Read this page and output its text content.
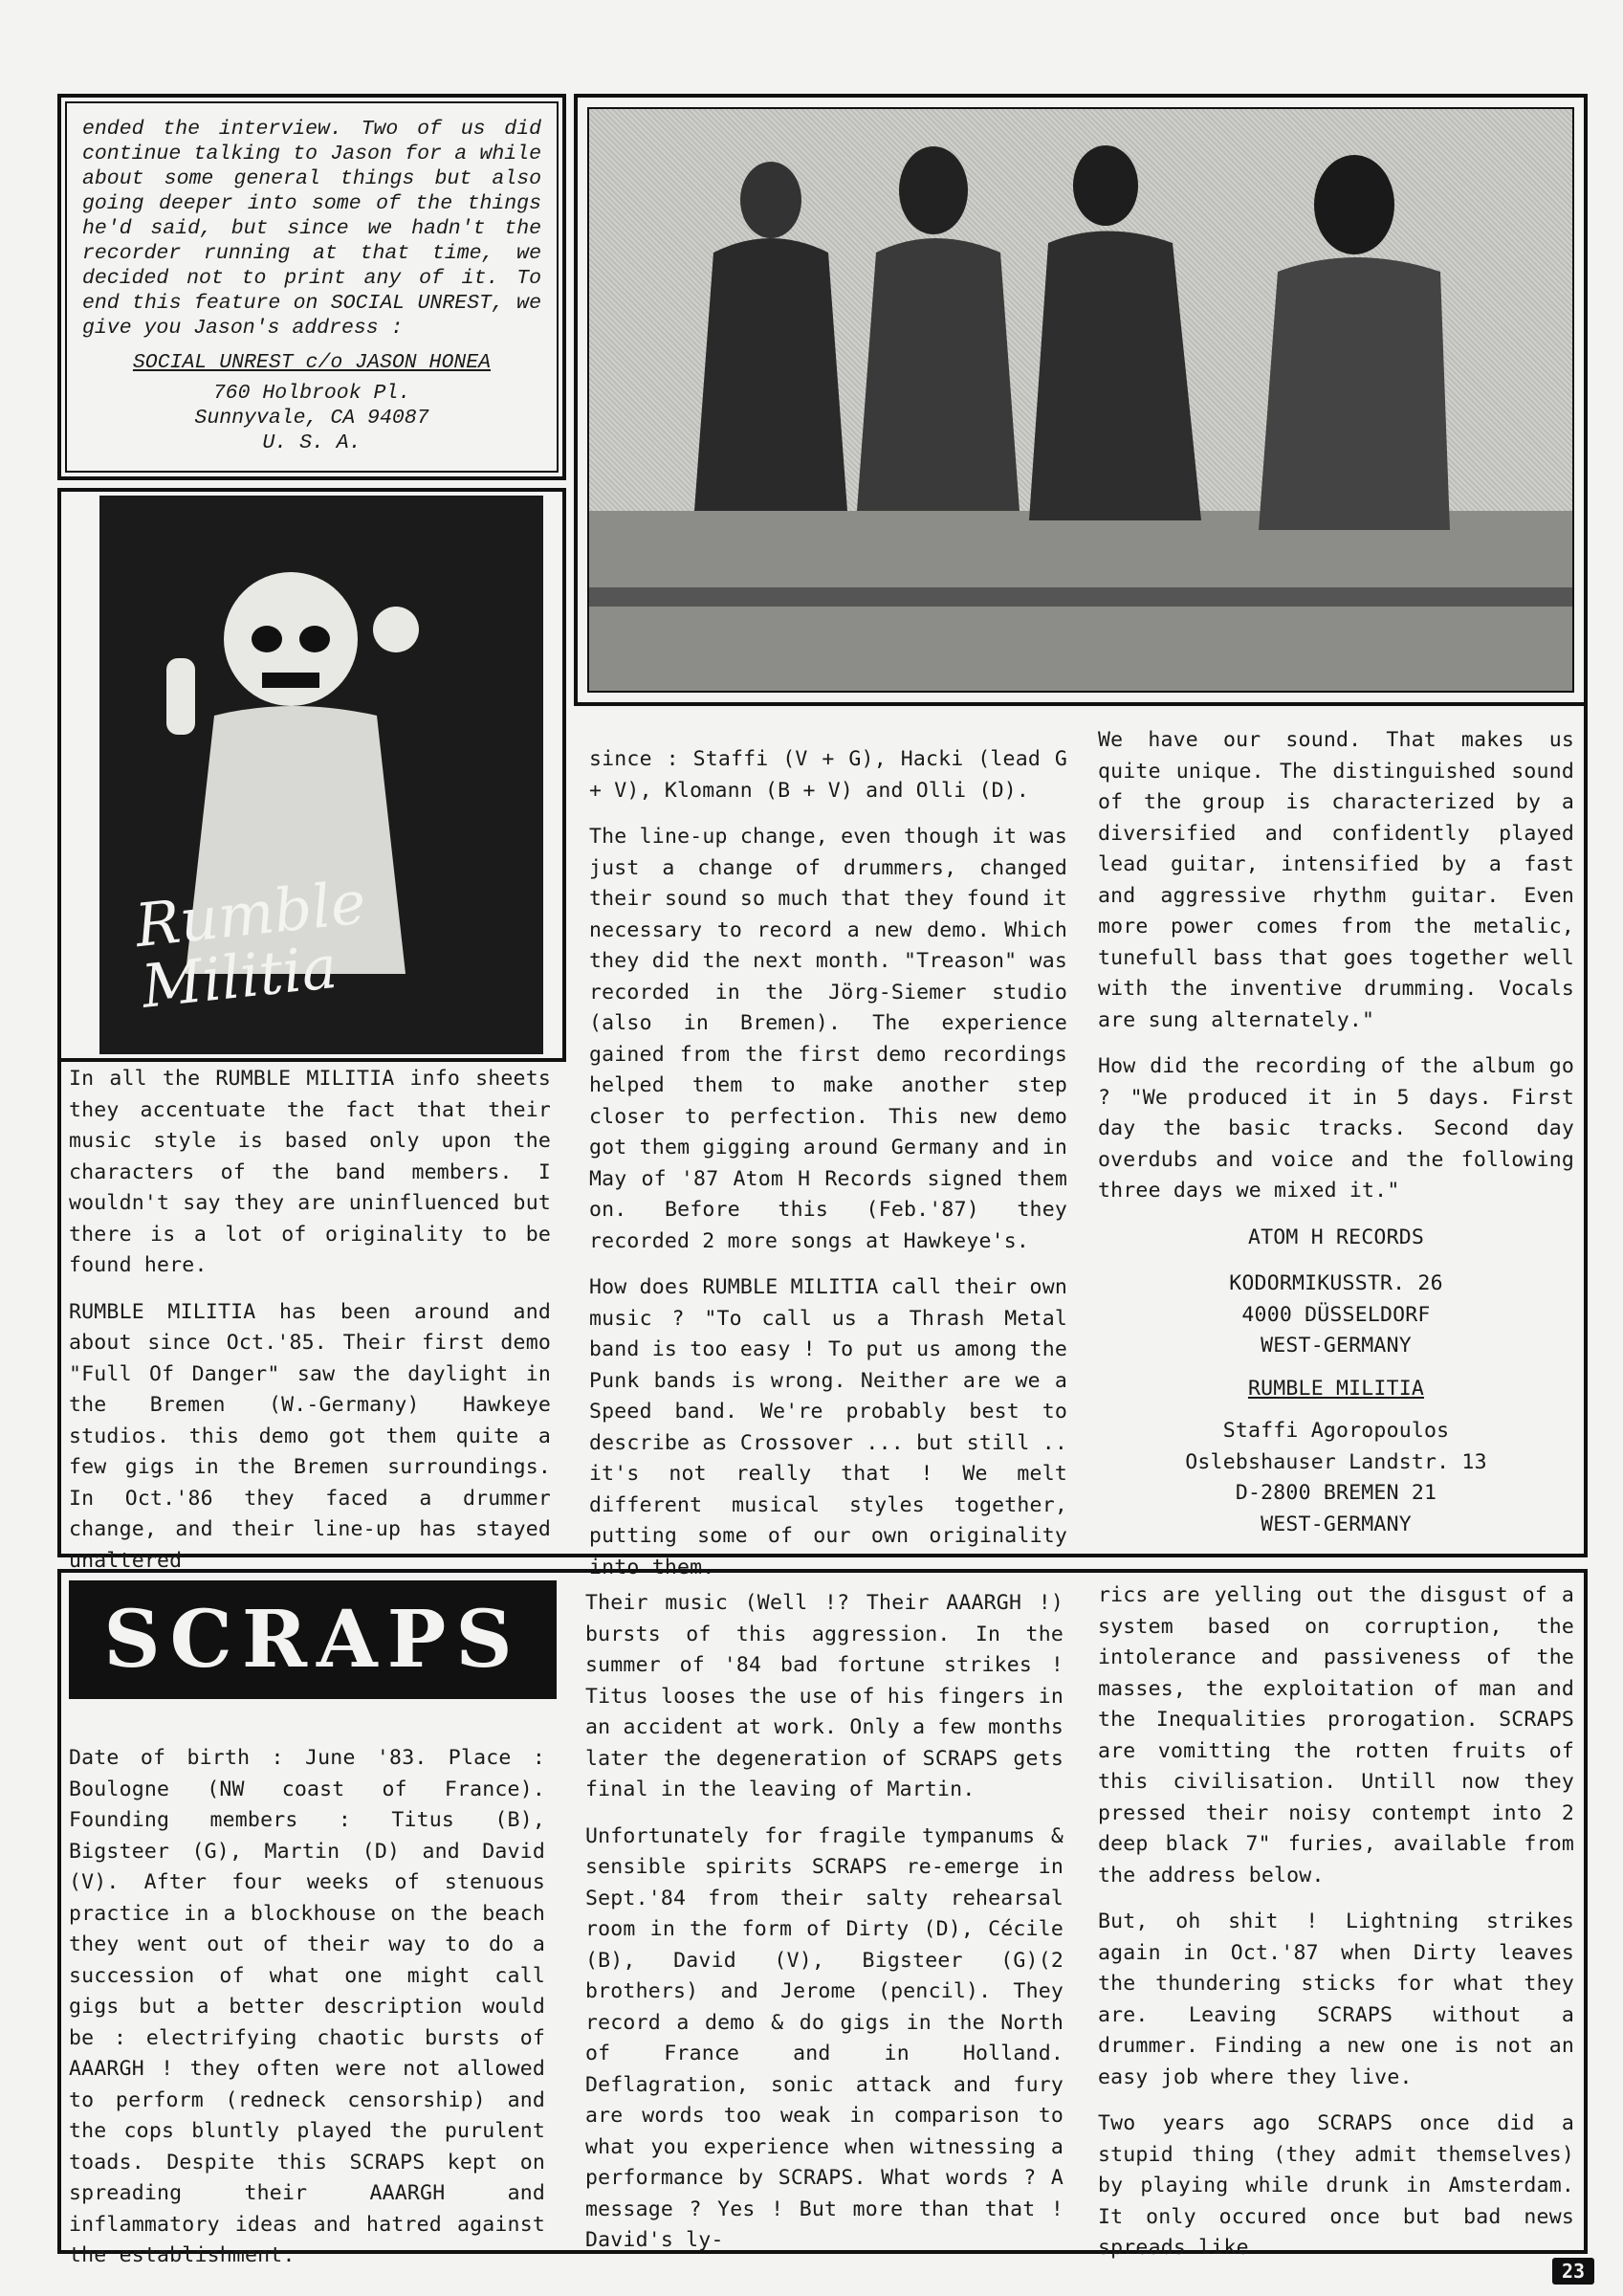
ended the interview. Two of us did continue talking to Jason for a while about some general things but also going deeper into some of the things he'd said, but since we hadn't the recorder running at that time, we decided not to print any of it. To end this feature on SOCIAL UNREST, we give you Jason's address :
SOCIAL UNREST c/o JASON HONEA
760 Holbrook Pl.
Sunnyvale, CA 94087
U. S. A.
Rumble Militia

In all the RUMBLE MILITIA info sheets they accentuate the fact that their music style is based only upon the characters of the band members. I wouldn't say they are uninfluenced but there is a lot of originality to be found here.

RUMBLE MILITIA has been around and about since Oct.'85. Their first demo "Full Of Danger" saw the daylight in the Bremen (W.-Germany) Hawkeye studios. this demo got them quite a few gigs in the Bremen surroundings. In Oct.'86 they faced a drummer change, and their line-up has stayed unaltered

since : Staffi (V + G), Hacki (lead G + V), Klomann (B + V) and Olli (D).

The line-up change, even though it was just a change of drummers, changed their sound so much that they found it necessary to record a new demo. Which they did the next month. "Treason" was recorded in the Jörg-Siemer studio (also in Bremen). The experience gained from the first demo recordings helped them to make another step closer to perfection. This new demo got them gigging around Germany and in May of '87 Atom H Records signed them on. Before this (Feb.'87) they recorded 2 more songs at Hawkeye's.

How does RUMBLE MILITIA call their own music ? "To call us a Thrash Metal band is too easy ! To put us among the Punk bands is wrong. Neither are we a Speed band. We're probably best to describe as Crossover ... but still .. it's not really that ! We melt different musical styles together, putting some of our own originality into them.

We have our sound. That makes us quite unique. The distinguished sound of the group is characterized by a diversified and confidently played lead guitar, intensified by a fast and aggressive rhythm guitar. Even more power comes from the metalic, tunefull bass that goes together well with the inventive drumming. Vocals are sung alternately."

How did the recording of the album go ? "We produced it in 5 days. First day the basic tracks. Second day overdubs and voice and the following three days we mixed it."

ATOM H RECORDS
KODORMIKUSSTR. 26
4000 DÜSSELDORF
WEST-GERMANY
RUMBLE MILITIA
Staffi Agoropoulos
Oslebshauser Landstr. 13
D-2800 BREMEN 21
WEST-GERMANY
SCRAPS

Date of birth : June '83. Place : Boulogne (NW coast of France). Founding members : Titus (B), Bigsteer (G), Martin (D) and David (V). After four weeks of stenuous practice in a blockhouse on the beach they went out of their way to do a succession of what one might call gigs but a better description would be : electrifying chaotic bursts of AAARGH ! they often were not allowed to perform (redneck censorship) and the cops bluntly played the purulent toads. Despite this SCRAPS kept on spreading their AAARGH and inflammatory ideas and hatred against the establishment.

Their music (Well !? Their AAARGH !) bursts of this aggression. In the summer of '84 bad fortune strikes ! Titus looses the use of his fingers in an accident at work. Only a few months later the degeneration of SCRAPS gets final in the leaving of Martin.

Unfortunately for fragile tympanums & sensible spirits SCRAPS re-emerge in Sept.'84 from their salty rehearsal room in the form of Dirty (D), Cécile (B), David (V), Bigsteer (G)(2 brothers) and Jerome (pencil). They record a demo & do gigs in the North of France and in Holland. Deflagration, sonic attack and fury are words too weak in comparison to what you experience when witnessing a performance by SCRAPS. What words ? A message ? Yes ! But more than that ! David's ly-

rics are yelling out the disgust of a system based on corruption, the intolerance and passiveness of the masses, the exploitation of man and the Inequalities prorogation. SCRAPS are vomitting the rotten fruits of this civilisation. Untill now they pressed their noisy contempt into 2 deep black 7" furies, available from the address below.

But, oh shit ! Lightning strikes again in Oct.'87 when Dirty leaves the thundering sticks for what they are. Leaving SCRAPS without a drummer. Finding a new one is not an easy job where they live.

Two years ago SCRAPS once did a stupid thing (they admit themselves) by playing while drunk in Amsterdam. It only occured once but bad news spreads like

23
